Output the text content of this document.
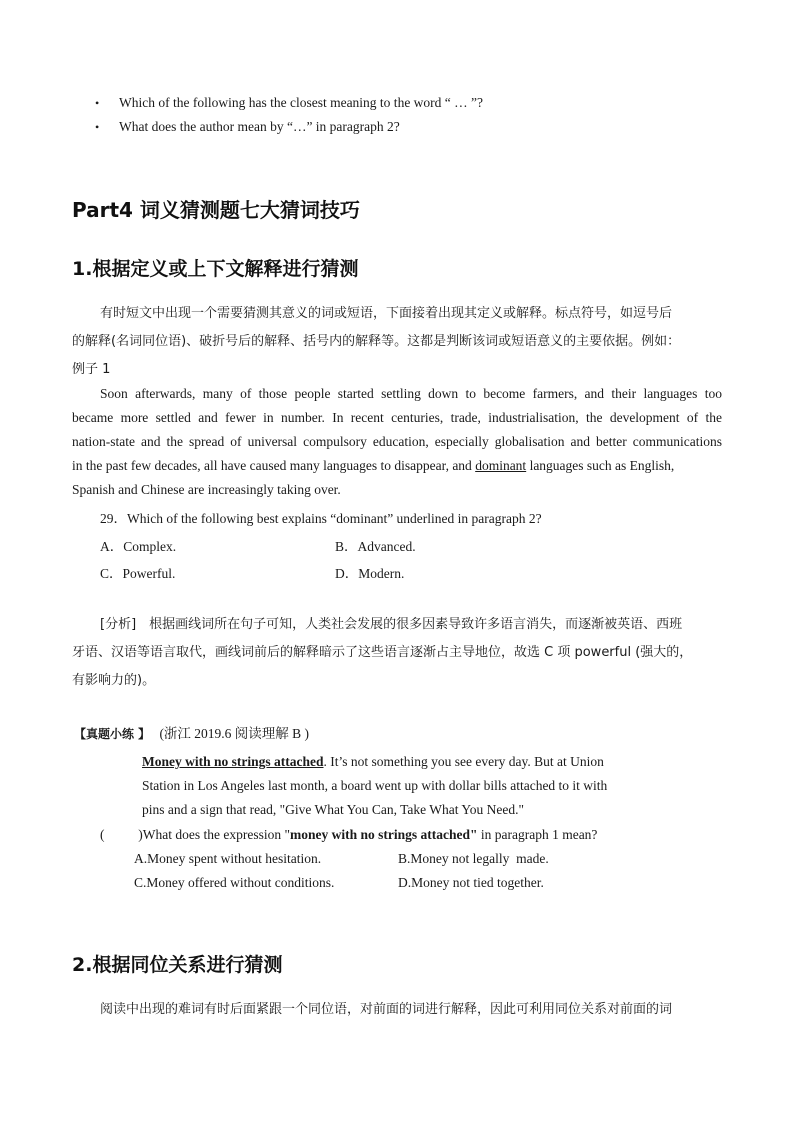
• Which of the following has the closest meaning to the word “ … ”?
• What does the author mean by “…” in paragraph 2?
Part4 词义猜测题七大猜词技巧
1.根据定义或上下文解释进行猜测
有时短文中出现一个需要猜测其意义的词或短语，下面接着出现其定义或解释。标点符号，如逗号后
的解释(名词同位语)、破折号后的解释、括号内的解释等。这都是判断该词或短语意义的主要依据。例如：
例子 1
Soon afterwards, many of those people started settling down to become farmers, and their languages too
became more settled and fewer in number. In recent centuries, trade, industrialisation, the development of the
nation-state and the spread of universal compulsory education, especially globalisation and better communications
in the past few decades, all have caused many languages to disappear, and dominant languages such as English,
Spanish and Chinese are increasingly taking over.
29．Which of the following best explains “dominant” underlined in paragraph 2?
A．Complex.	B．Advanced.
C．Powerful.	D．Modern.
[分析]　根据画线词所在句子可知，人类社会发展的很多因素导致许多语言消失，而逐渐被英语、西班
牙语、汉语等语言取代，画线词前后的解释暗示了这些语言逐渐占主导地位，故选 C 项 powerful (强大的，
有影响力的)。
【真题小练 】 (浙江 2019.6 阅读理解 B )
Money with no strings attached. It’s not something you see every day. But at Union
Station in Los Angeles last month, a board went up with dollar bills attached to it with
pins and a sign that read, "Give What You Can, Take What You Need."
(          )What does the expression "money with no strings attached" in paragraph 1 mean?
A.Money spent without hesitation.	B.Money not legally  made.
C.Money offered without conditions.	D.Money not tied together.
2.根据同位关系进行猜测
阅读中出现的难词有时后面紧跟一个同位语，对前面的词进行解释，因此可利用同位关系对前面的词
